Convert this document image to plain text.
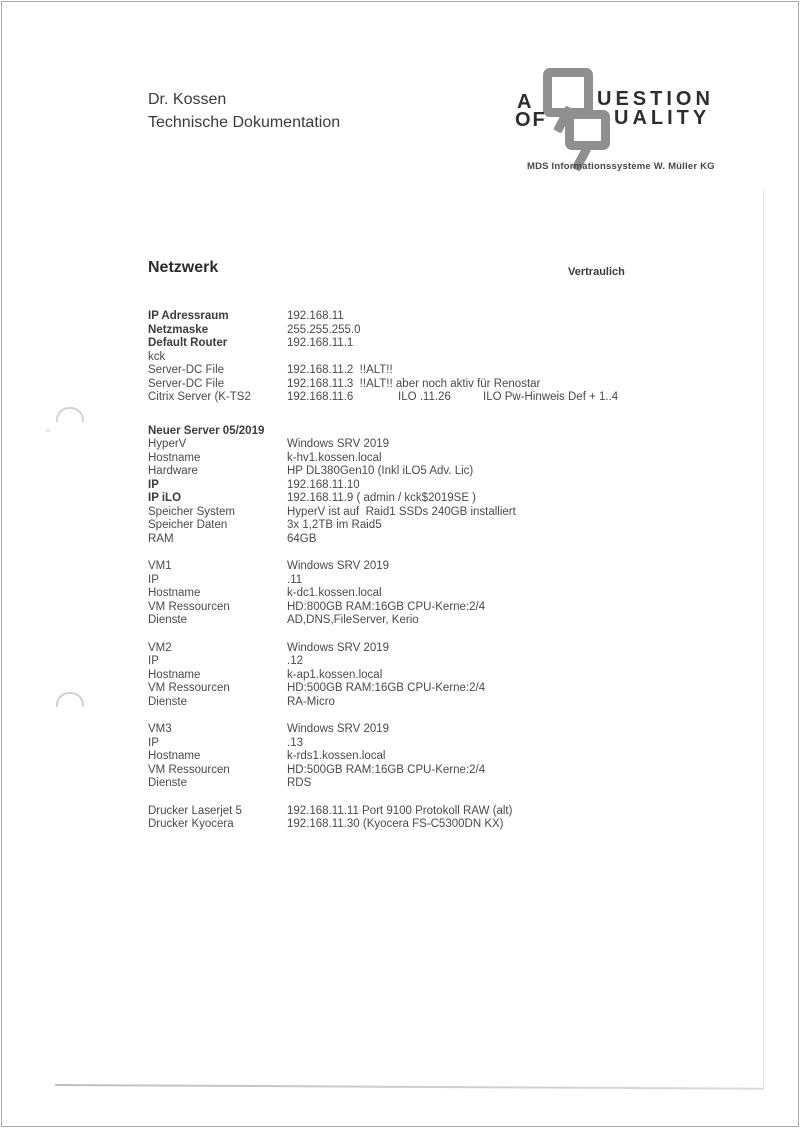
Dr. Kossen
Technische Dokumentation
A	UESTION
OF	UALITY
MDS Informationssysteme W. Müller KG
Netzwerk	Vertraulich
IP Adressraum	192.168.11
Netzmaske	255.255.255.0
Default Router	192.168.11.1
kck
Server-DC File	192.168.11.2  !!ALT!!
Server-DC File	192.168.11.3  !!ALT!! aber noch aktiv für Renostar
Citrix Server (K-TS2	192.168.11.6	ILO .11.26	ILO Pw-Hinweis Def + 1..4
Neuer Server 05/2019
HyperV	Windows SRV 2019
Hostname	k-hv1.kossen.local
Hardware	HP DL380Gen10 (Inkl iLO5 Adv. Lic)
IP	192.168.11.10
IP iLO	192.168.11.9 ( admin / kck$2019SE )
Speicher System	HyperV ist auf  Raid1 SSDs 240GB installiert
Speicher Daten	3x 1,2TB im Raid5
RAM	64GB
VM1	Windows SRV 2019
IP	.11
Hostname	k-dc1.kossen.local
VM Ressourcen	HD:800GB RAM:16GB CPU-Kerne:2/4
Dienste	AD,DNS,FileServer, Kerio
VM2	Windows SRV 2019
IP	.12
Hostname	k-ap1.kossen.local
VM Ressourcen	HD:500GB RAM:16GB CPU-Kerne:2/4
Dienste	RA-Micro
VM3	Windows SRV 2019
IP	.13
Hostname	k-rds1.kossen.local
VM Ressourcen	HD:500GB RAM:16GB CPU-Kerne:2/4
Dienste	RDS
Drucker Laserjet 5	192.168.11.11 Port 9100 Protokoll RAW (alt)
Drucker Kyocera	192.168.11.30 (Kyocera FS-C5300DN KX)
